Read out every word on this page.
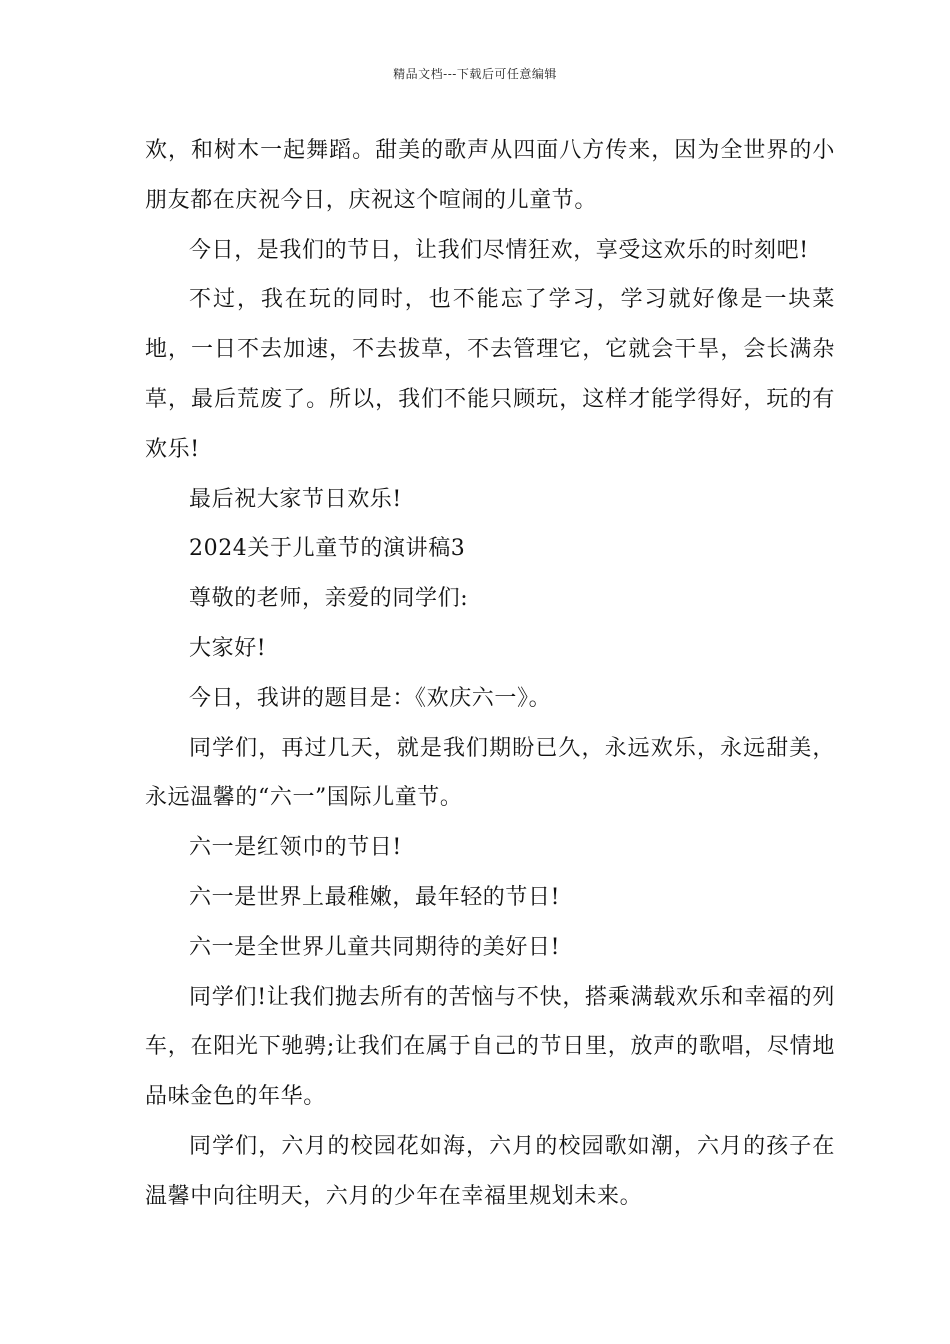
精品文档---下载后可任意编辑

欢，和树木一起舞蹈。甜美的歌声从四面八方传来，因为全世界的小朋友都在庆祝今日，庆祝这个喧闹的儿童节。

今日，是我们的节日，让我们尽情狂欢，享受这欢乐的时刻吧!

不过，我在玩的同时，也不能忘了学习，学习就好像是一块菜地，一日不去加速，不去拔草，不去管理它，它就会干旱，会长满杂草，最后荒废了。所以，我们不能只顾玩，这样才能学得好，玩的有欢乐!

最后祝大家节日欢乐!

2024关于儿童节的演讲稿3

尊敬的老师，亲爱的同学们:

大家好!

今日，我讲的题目是：《欢庆六一》。

同学们，再过几天，就是我们期盼已久，永远欢乐，永远甜美，永远温馨的“六一”国际儿童节。

六一是红领巾的节日!

六一是世界上最稚嫩，最年轻的节日!

六一是全世界儿童共同期待的美好日!

同学们!让我们抛去所有的苦恼与不快，搭乘满载欢乐和幸福的列车，在阳光下驰骋;让我们在属于自己的节日里，放声的歌唱，尽情地品味金色的年华。

同学们，六月的校园花如海，六月的校园歌如潮，六月的孩子在温馨中向往明天，六月的少年在幸福里规划未来。
